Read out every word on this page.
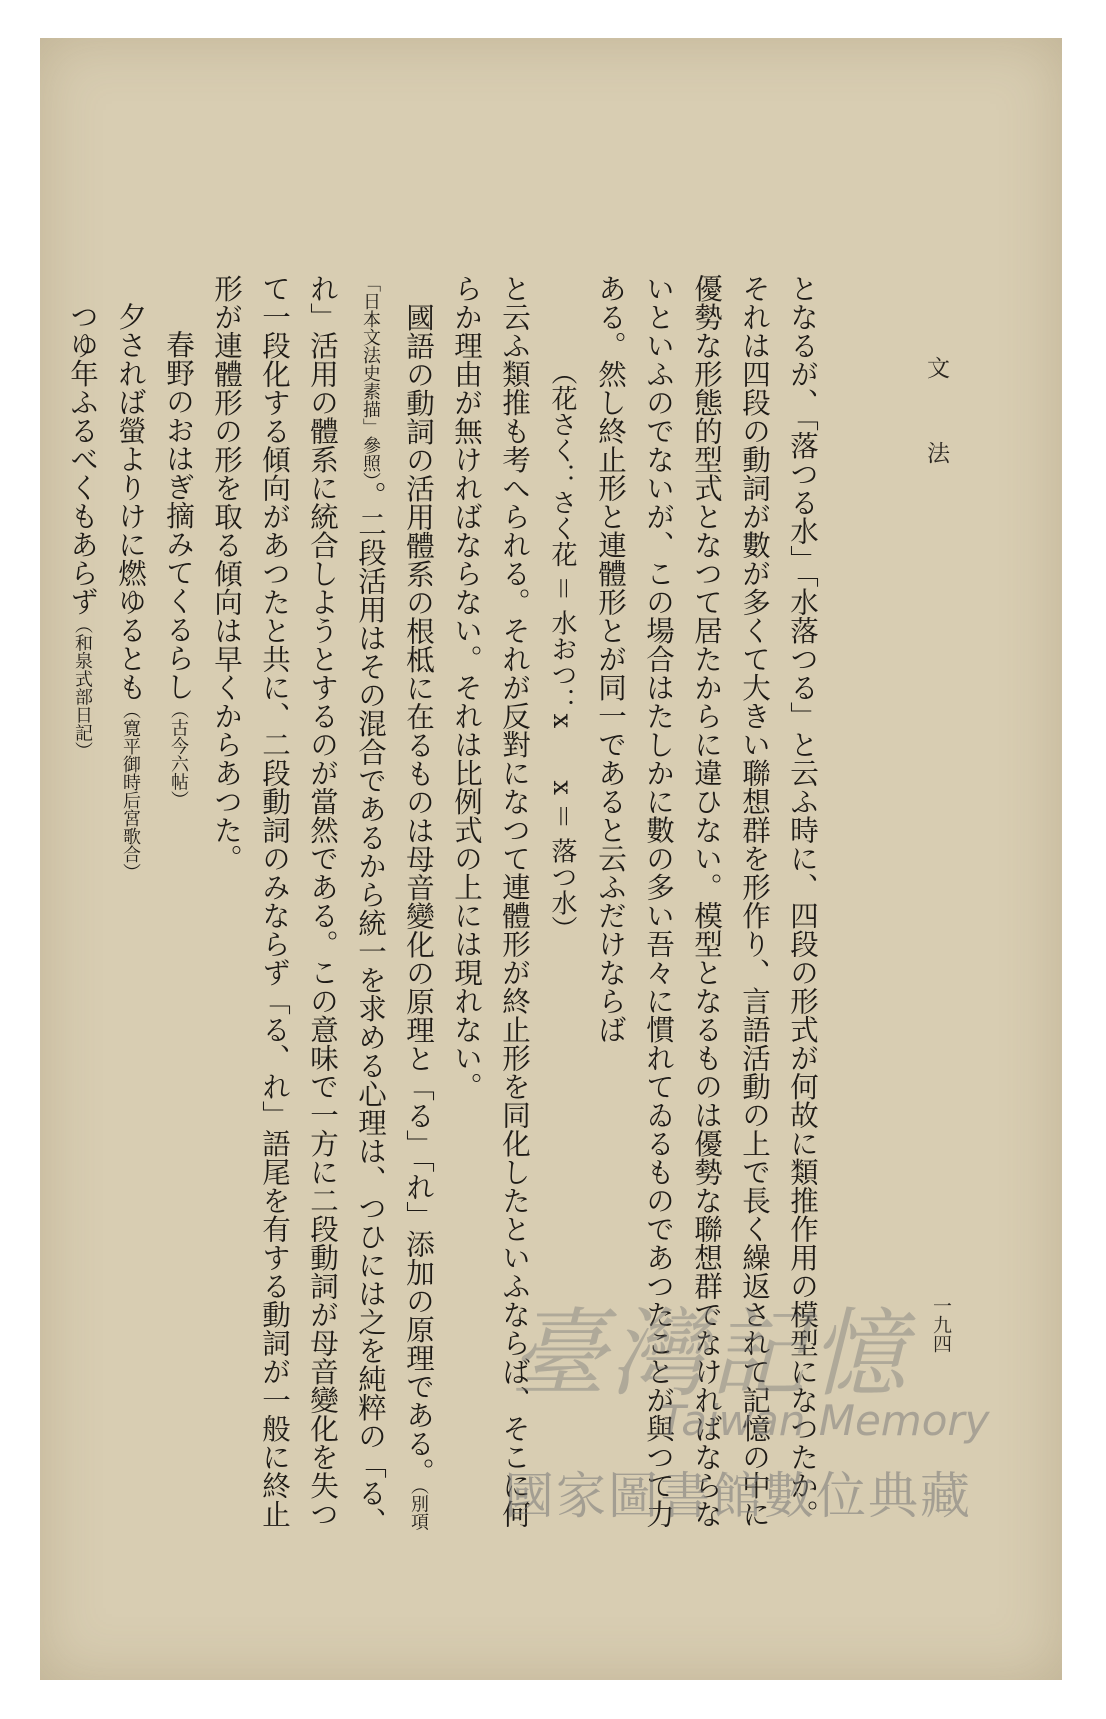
文法
一九四

となるが、「落つる水」「水落つる」と云ふ時に、四段の形式が何故に類推作用の模型になつたか。それは四段の動詞が數が多くて大きい聯想群を形作り、言語活動の上で長く繰返されて記憶の中に優勢な形態的型式となつて居たからに違ひない。模型となるものは優勢な聯想群でなければならないといふのでないが、この場合はたしかに數の多い吾々に慣れてゐるものであつたことが與つて力ある。然し終止形と連體形とが同一であると云ふだけならば

（花さく：さく花 ＝ 水おつ：x　　x ＝ 落つ水）

と云ふ類推も考へられる。それが反對になつて連體形が終止形を同化したといふならば、そこに何らか理由が無ければならない。それは比例式の上には現れない。

國語の動詞の活用體系の根柢に在るものは母音變化の原理と「る」「れ」添加の原理である。（別項「日本文法史素描」參照）。二段活用はその混合であるから統一を求める心理は、つひには之を純粹の「る、れ」活用の體系に統合しようとするのが當然である。この意味で一方に二段動詞が母音變化を失つて一段化する傾向があつたと共に、二段動詞のみならず「る、れ」語尾を有する動詞が一般に終止形が連體形の形を取る傾向は早くからあつた。

春野のおはぎ摘みてくるらし（古今六帖）

夕されば螢よりけに燃ゆるとも（寛平御時后宮歌合）

つゆ年ふるべくもあらず（和泉式部日記）

臺灣記憶
Taiwan Memory
國家圖書館數位典藏
